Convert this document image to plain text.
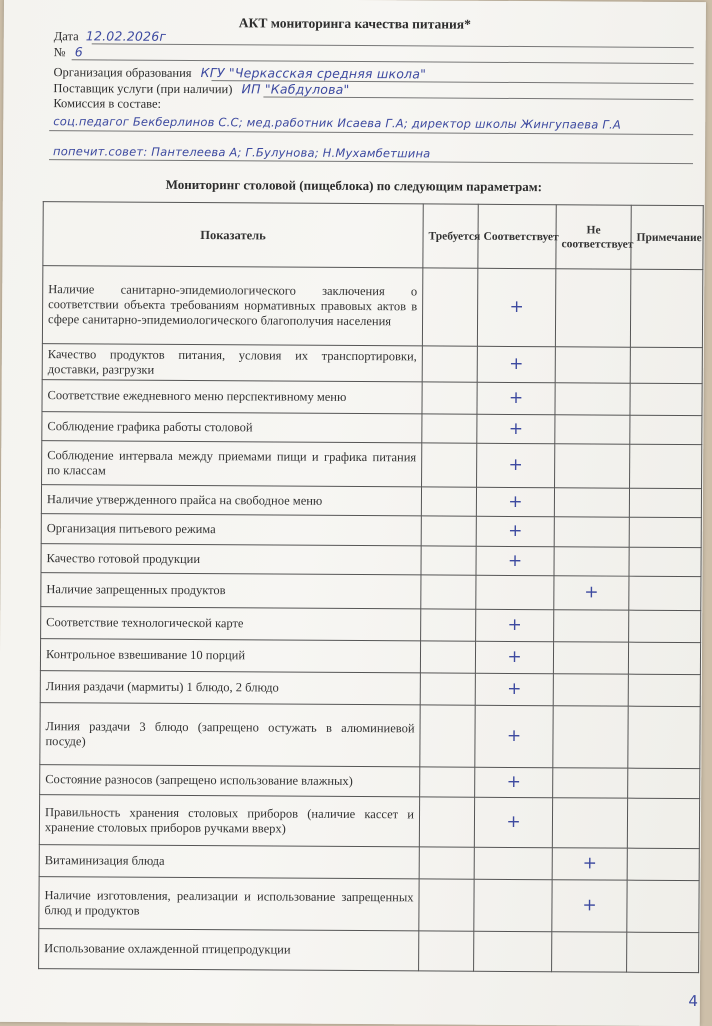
АКТ мониторинга качества питания*
Дата 12.02.2026г
№ 6
Организация образования КГУ "Черкасская средняя школа"
Поставщик услуги (при наличии) ИП "Кабдулова"
Комиссия в составе:
соц.педагог Бекберлинов С.С; мед.работник Исаева Г.А; директор школы Жингупаева Г.А
попечит.совет: Пантелеева А; Г.Булунова; Н.Мухамбетшина
Мониторинг столовой (пищеблока) по следующим параметрам:
Показатель	Требуется	Соответствует	Не соответствует	Примечание
Наличие санитарно-эпидемиологического заключения о соответствии объекта требованиям нормативных правовых актов в сфере санитарно-эпидемиологического благополучия населения		+		
Качество продуктов питания, условия их транспортировки, доставки, разгрузки		+		
Соответствие ежедневного меню перспективному меню		+		
Соблюдение графика работы столовой		+		
Соблюдение интервала между приемами пищи и графика питания по классам		+		
Наличие утвержденного прайса на свободное меню		+		
Организация питьевого режима		+		
Качество готовой продукции		+		
Наличие запрещенных продуктов			+	
Соответствие технологической карте		+		
Контрольное взвешивание 10 порций		+		
Линия раздачи (мармиты) 1 блюдо, 2 блюдо		+		
Линия раздачи 3 блюдо (запрещено остужать в алюминиевой посуде)		+		
Состояние разносов (запрещено использование влажных)		+		
Правильность хранения столовых приборов (наличие кассет и хранение столовых приборов ручками вверх)		+		
Витаминизация блюда			+	
Наличие изготовления, реализации и использование запрещенных блюд и продуктов			+	
Использование охлажденной птицепродукции				
4
